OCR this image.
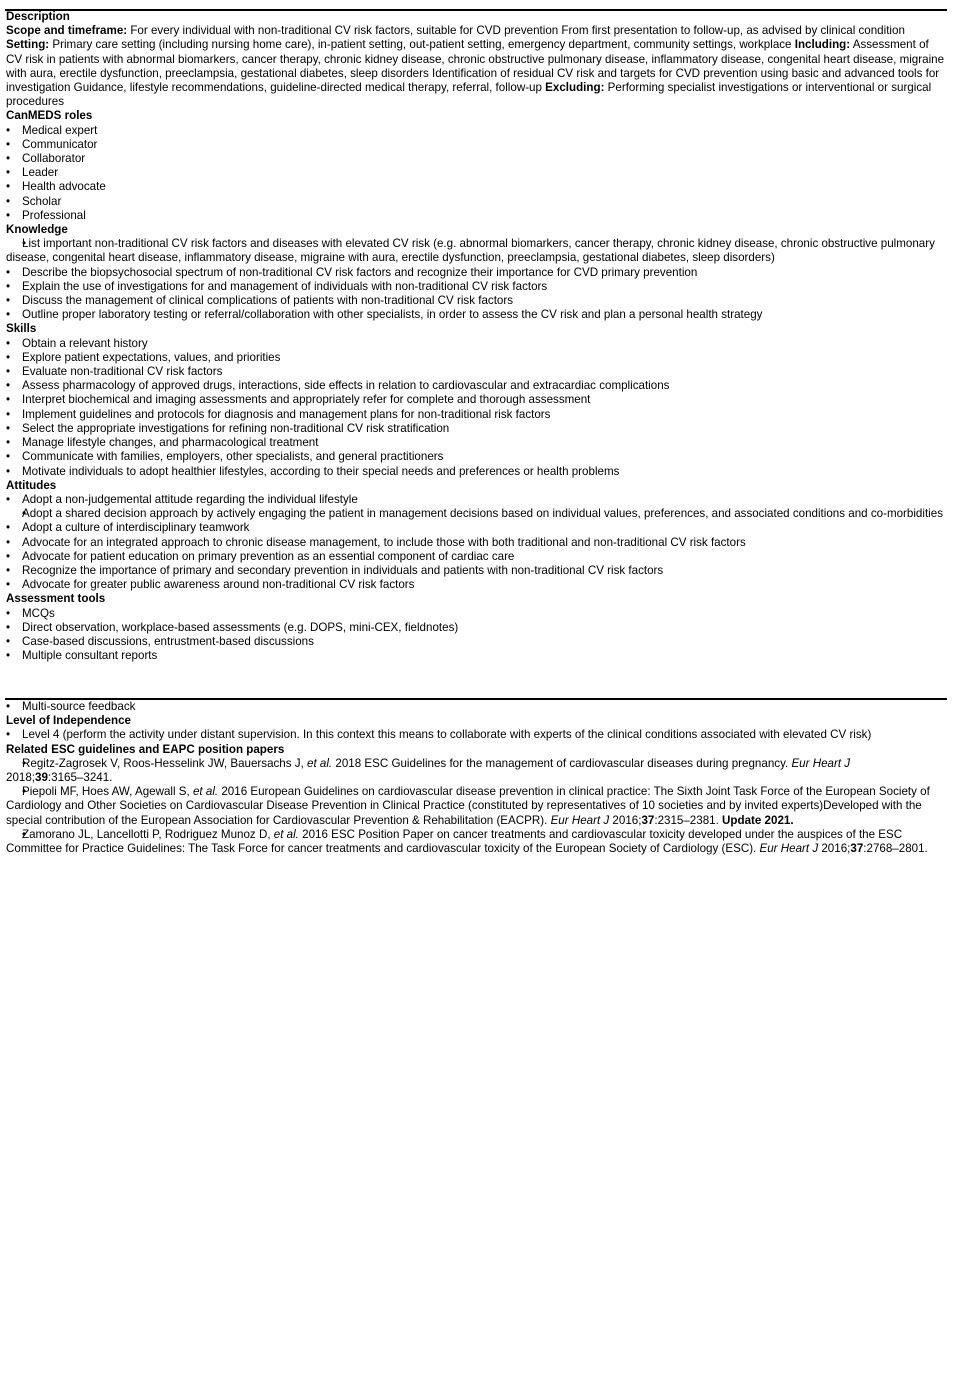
Description
Scope and timeframe: For every individual with non-traditional CV risk factors, suitable for CVD prevention From first presentation to follow-up, as advised by clinical condition
Setting: Primary care setting (including nursing home care), in-patient setting, out-patient setting, emergency department, community settings, workplace Including: Assessment of CV risk in patients with abnormal biomarkers, cancer therapy, chronic kidney disease, chronic obstructive pulmonary disease, inflammatory disease, congenital heart disease, migraine with aura, erectile dysfunction, preeclampsia, gestational diabetes, sleep disorders Identification of residual CV risk and targets for CVD prevention using basic and advanced tools for investigation Guidance, lifestyle recommendations, guideline-directed medical therapy, referral, follow-up Excluding: Performing specialist investigations or interventional or surgical procedures
CanMEDS roles
• Medical expert
• Communicator
• Collaborator
• Leader
• Health advocate
• Scholar
• Professional
Knowledge
• List important non-traditional CV risk factors and diseases with elevated CV risk (e.g. abnormal biomarkers, cancer therapy, chronic kidney disease, chronic obstructive pulmonary disease, congenital heart disease, inflammatory disease, migraine with aura, erectile dysfunction, preeclampsia, gestational diabetes, sleep disorders)
• Describe the biopsychosocial spectrum of non-traditional CV risk factors and recognize their importance for CVD primary prevention
• Explain the use of investigations for and management of individuals with non-traditional CV risk factors
• Discuss the management of clinical complications of patients with non-traditional CV risk factors
• Outline proper laboratory testing or referral/collaboration with other specialists, in order to assess the CV risk and plan a personal health strategy
Skills
• Obtain a relevant history
• Explore patient expectations, values, and priorities
• Evaluate non-traditional CV risk factors
• Assess pharmacology of approved drugs, interactions, side effects in relation to cardiovascular and extracardiac complications
• Interpret biochemical and imaging assessments and appropriately refer for complete and thorough assessment
• Implement guidelines and protocols for diagnosis and management plans for non-traditional risk factors
• Select the appropriate investigations for refining non-traditional CV risk stratification
• Manage lifestyle changes, and pharmacological treatment
• Communicate with families, employers, other specialists, and general practitioners
• Motivate individuals to adopt healthier lifestyles, according to their special needs and preferences or health problems
Attitudes
• Adopt a non-judgemental attitude regarding the individual lifestyle
• Adopt a shared decision approach by actively engaging the patient in management decisions based on individual values, preferences, and associated conditions and co-morbidities
• Adopt a culture of interdisciplinary teamwork
• Advocate for an integrated approach to chronic disease management, to include those with both traditional and non-traditional CV risk factors
• Advocate for patient education on primary prevention as an essential component of cardiac care
• Recognize the importance of primary and secondary prevention in individuals and patients with non-traditional CV risk factors
• Advocate for greater public awareness around non-traditional CV risk factors
Assessment tools
• MCQs
• Direct observation, workplace-based assessments (e.g. DOPS, mini-CEX, fieldnotes)
• Case-based discussions, entrustment-based discussions
• Multiple consultant reports
• Multi-source feedback
Level of Independence
• Level 4 (perform the activity under distant supervision. In this context this means to collaborate with experts of the clinical conditions associated with elevated CV risk)
Related ESC guidelines and EAPC position papers
• Regitz-Zagrosek V, Roos-Hesselink JW, Bauersachs J, et al. 2018 ESC Guidelines for the management of cardiovascular diseases during pregnancy. Eur Heart J
2018;39:3165–3241.
• Piepoli MF, Hoes AW, Agewall S, et al. 2016 European Guidelines on cardiovascular disease prevention in clinical practice: The Sixth Joint Task Force of the European Society of Cardiology and Other Societies on Cardiovascular Disease Prevention in Clinical Practice (constituted by representatives of 10 societies and by invited experts)Developed with the special contribution of the European Association for Cardiovascular Prevention & Rehabilitation (EACPR). Eur Heart J 2016;37:2315–2381. Update 2021.
• Zamorano JL, Lancellotti P, Rodriguez Munoz D, et al. 2016 ESC Position Paper on cancer treatments and cardiovascular toxicity developed under the auspices of the ESC Committee for Practice Guidelines: The Task Force for cancer treatments and cardiovascular toxicity of the European Society of Cardiology (ESC). Eur Heart J 2016;37:2768–2801.
